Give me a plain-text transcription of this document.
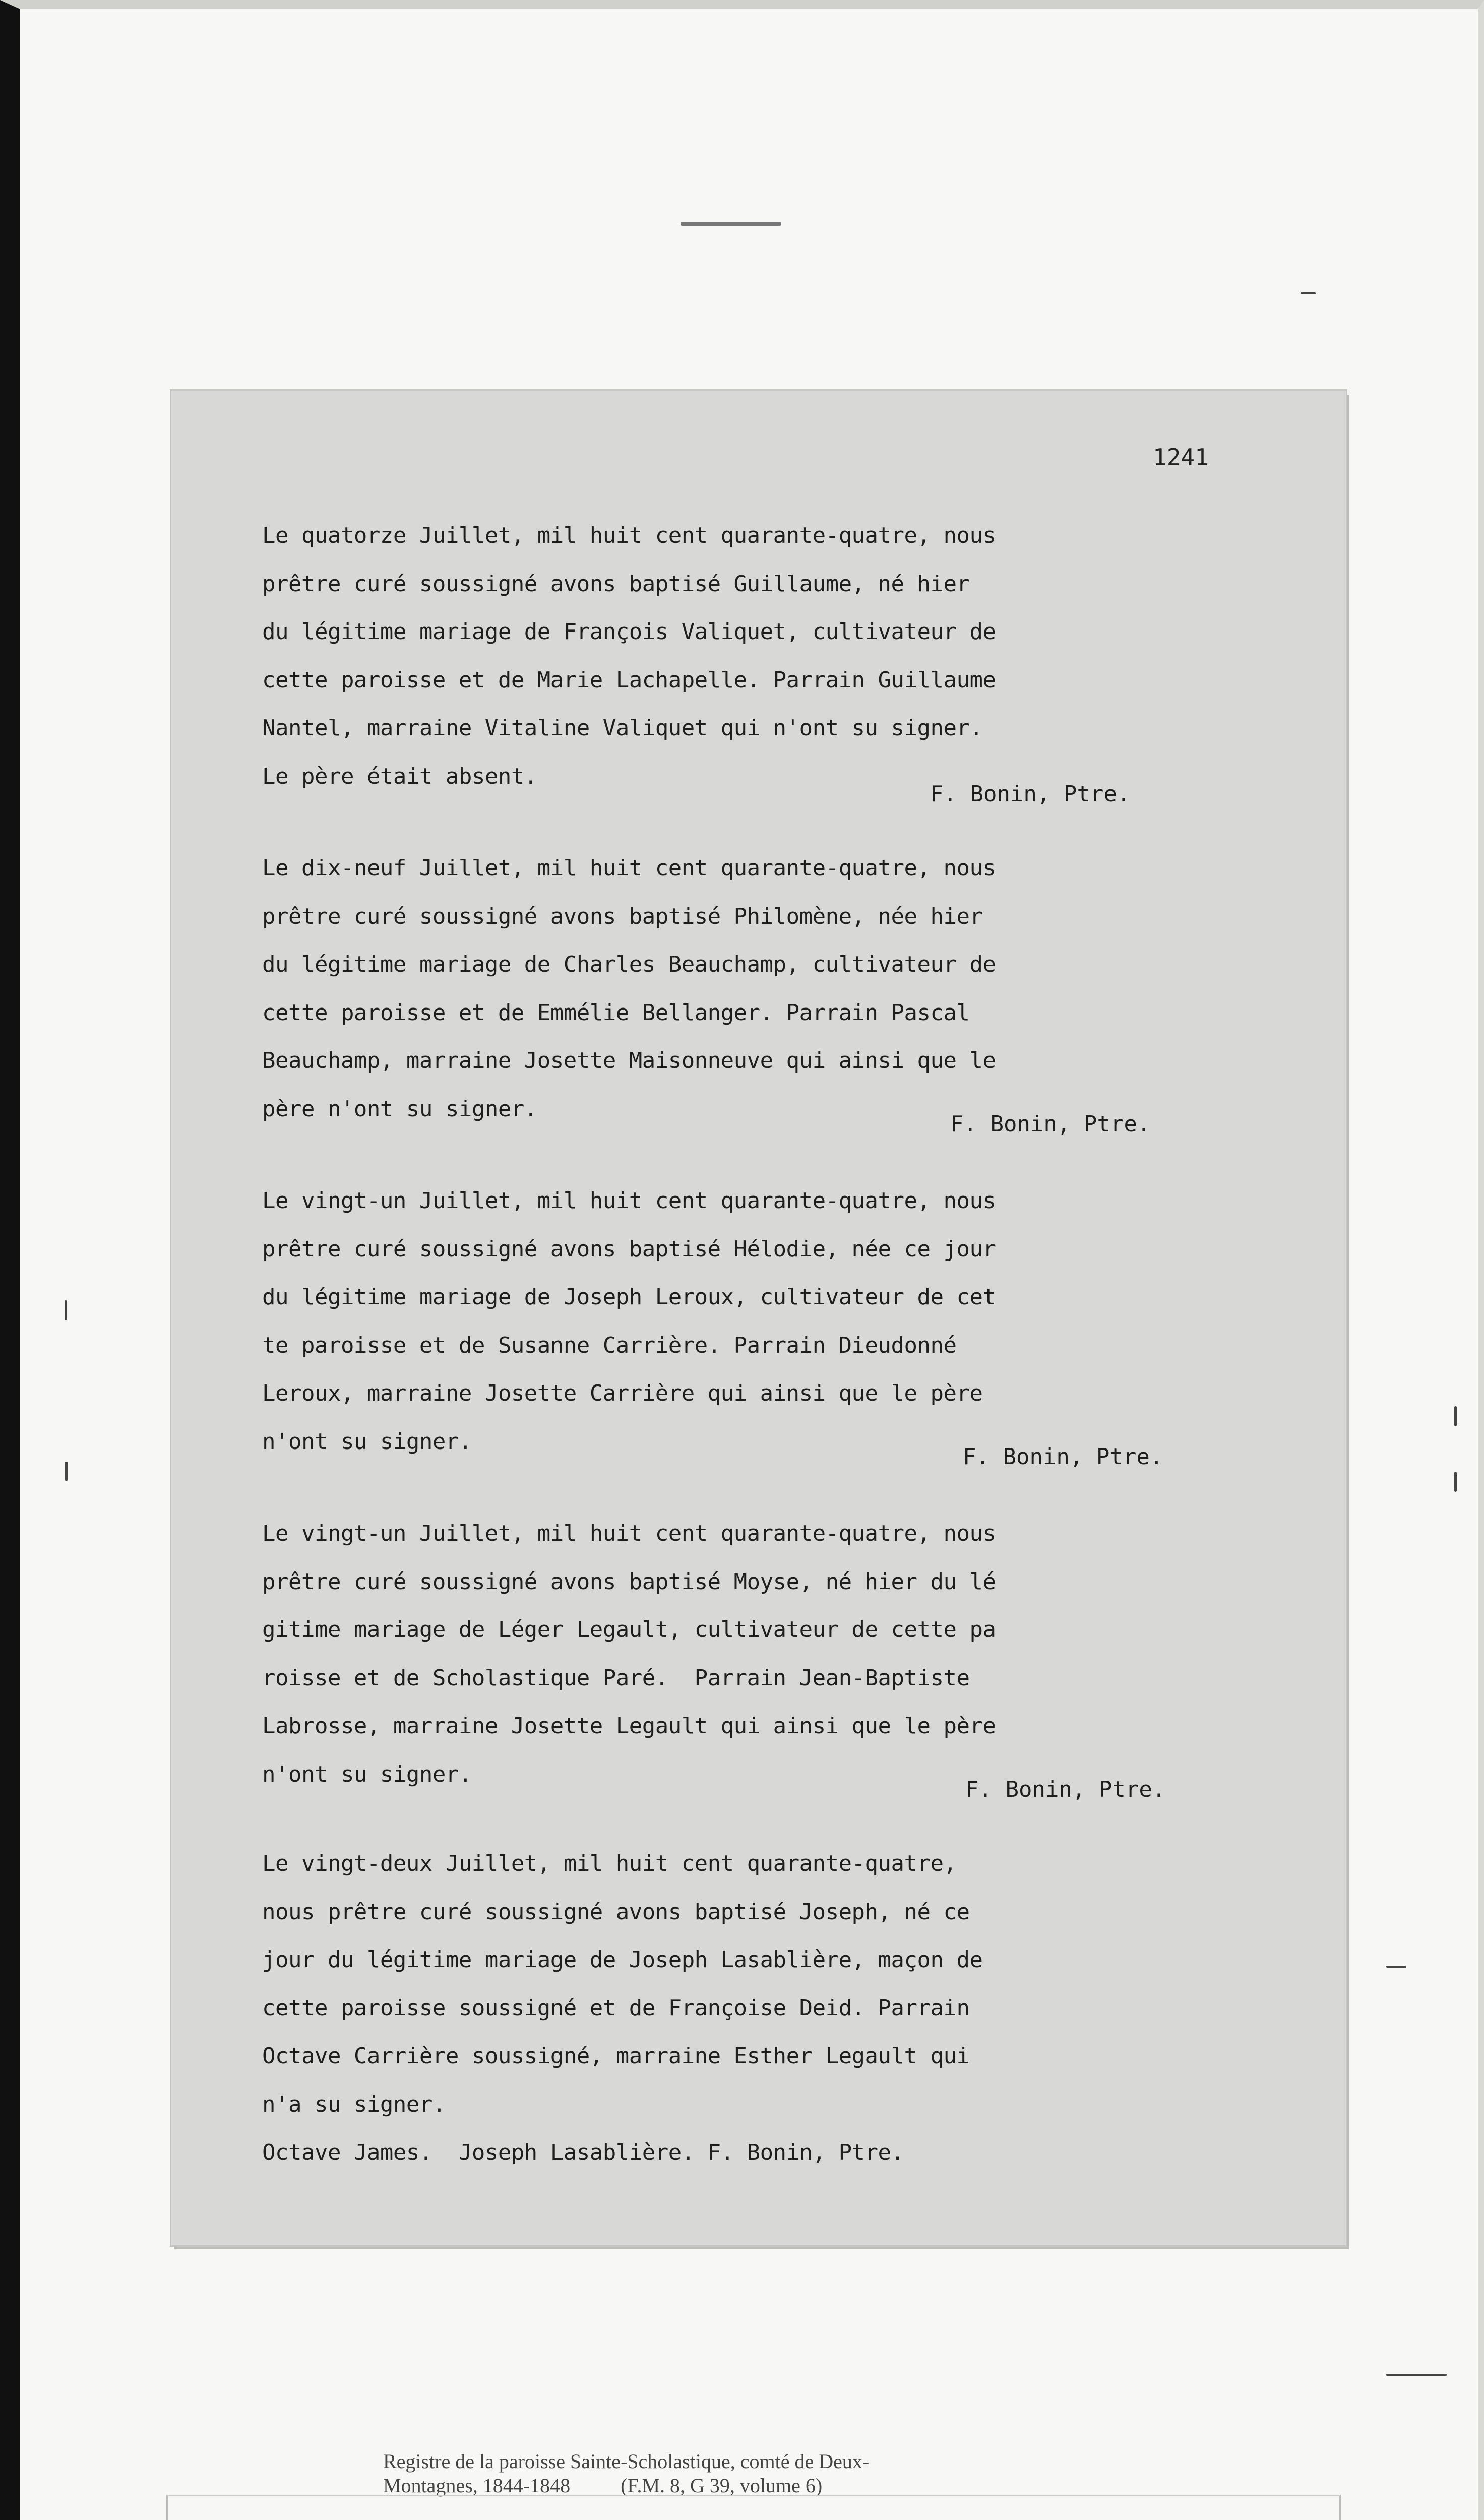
1241
Le quatorze Juillet, mil huit cent quarante-quatre, nous
prêtre curé soussigné avons baptisé Guillaume, né hier
du légitime mariage de François Valiquet, cultivateur de
cette paroisse et de Marie Lachapelle. Parrain Guillaume
Nantel, marraine Vitaline Valiquet qui n'ont su signer.
Le père était absent.
F. Bonin, Ptre.
Le dix-neuf Juillet, mil huit cent quarante-quatre, nous
prêtre curé soussigné avons baptisé Philomène, née hier
du légitime mariage de Charles Beauchamp, cultivateur de
cette paroisse et de Emmélie Bellanger. Parrain Pascal
Beauchamp, marraine Josette Maisonneuve qui ainsi que le
père n'ont su signer.
F. Bonin, Ptre.
Le vingt-un Juillet, mil huit cent quarante-quatre, nous
prêtre curé soussigné avons baptisé Hélodie, née ce jour
du légitime mariage de Joseph Leroux, cultivateur de cet
te paroisse et de Susanne Carrière. Parrain Dieudonné
Leroux, marraine Josette Carrière qui ainsi que le père
n'ont su signer.
F. Bonin, Ptre.
Le vingt-un Juillet, mil huit cent quarante-quatre, nous
prêtre curé soussigné avons baptisé Moyse, né hier du lé
gitime mariage de Léger Legault, cultivateur de cette pa
roisse et de Scholastique Paré.  Parrain Jean-Baptiste
Labrosse, marraine Josette Legault qui ainsi que le père
n'ont su signer.
F. Bonin, Ptre.
Le vingt-deux Juillet, mil huit cent quarante-quatre,
nous prêtre curé soussigné avons baptisé Joseph, né ce
jour du légitime mariage de Joseph Lasablière, maçon de
cette paroisse soussigné et de Françoise Deid. Parrain
Octave Carrière soussigné, marraine Esther Legault qui
n'a su signer.
Octave James.  Joseph Lasablière. F. Bonin, Ptre.
Registre de la paroisse Sainte-Scholastique, comté de Deux-
Montagnes, 1844-1848          (F.M. 8, G 39, volume 6)
